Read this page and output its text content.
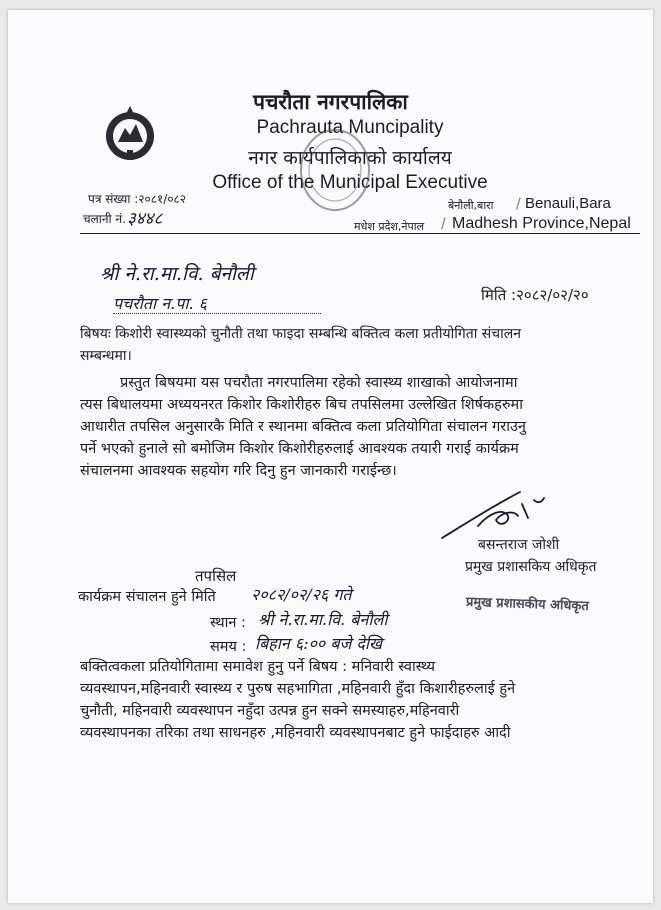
पचरौता नगरपालिका
Pachrauta Muncipality
नगर कार्यपालिकाको कार्यालय
Office of the Municipal Executive
पत्र संख्या :२०८१/०८२
चलानी नं. ३४४८
बेनौली,बारा / Benauli,Bara
मधेश प्रदेश,नेपाल / Madhesh Province,Nepal
श्री ने.रा.मा.वि. बेनौली
पचरौता न.पा. ६	मिति :२०८२/०२/२०
बिषयः किशोरी स्वास्थ्यको चुनौती तथा फाइदा सम्बन्धि बक्तित्व कला प्रतीयोगिता संचालन
सम्बन्धमा।
प्रस्तुत बिषयमा यस पचरौता नगरपालिमा रहेको स्वास्थ्य शाखाको आयोजनामा
त्यस बिधालयमा अध्ययनरत किशोर किशोरीहरु बिच तपसिलमा उल्लेखित शिर्षकहरुमा
आधारीत तपसिल अनुसारकै मिति र स्थानमा बक्तित्व कला प्रतियोगिता संचालन गराउनु
पर्ने भएकाे हुनाले सो बमोजिम किशोर किशोरीहरुलाई आवश्यक तयारी गराई कार्यक्रम
संचालनमा आवश्यक सहयोग गरि दिनु हुन जानकारी गराईन्छ।
बसन्तराज जोशी
प्रमुख प्रशासकिय अधिकृत
तपसिल
कार्यक्रम संचालन हुने मिति २०८२/०२/२६ गते
स्थान : श्री ने.रा.मा.वि. बेनौली
समय : बिहान ६:०० बजे देखि
प्रमुख प्रशासकीय अधिकृत
बक्तित्वकला प्रतियोगितामा समावेश हुनु पर्ने बिषय : मनिवारी स्वास्थ्य
व्यवस्थापन,महिनवारी स्वास्थ्य र पुरुष सहभागिता ,महिनवारी हुँदा किशारीहरुलाई हुने
चुनौती, महिनवारी व्यवस्थापन नहुँदा उत्पन्न हुन सक्ने समस्याहरु,महिनवारी
व्यवस्थापनका तरिका तथा साधनहरु ,महिनवारी व्यवस्थापनबाट हुने फाईदाहरु आदी
